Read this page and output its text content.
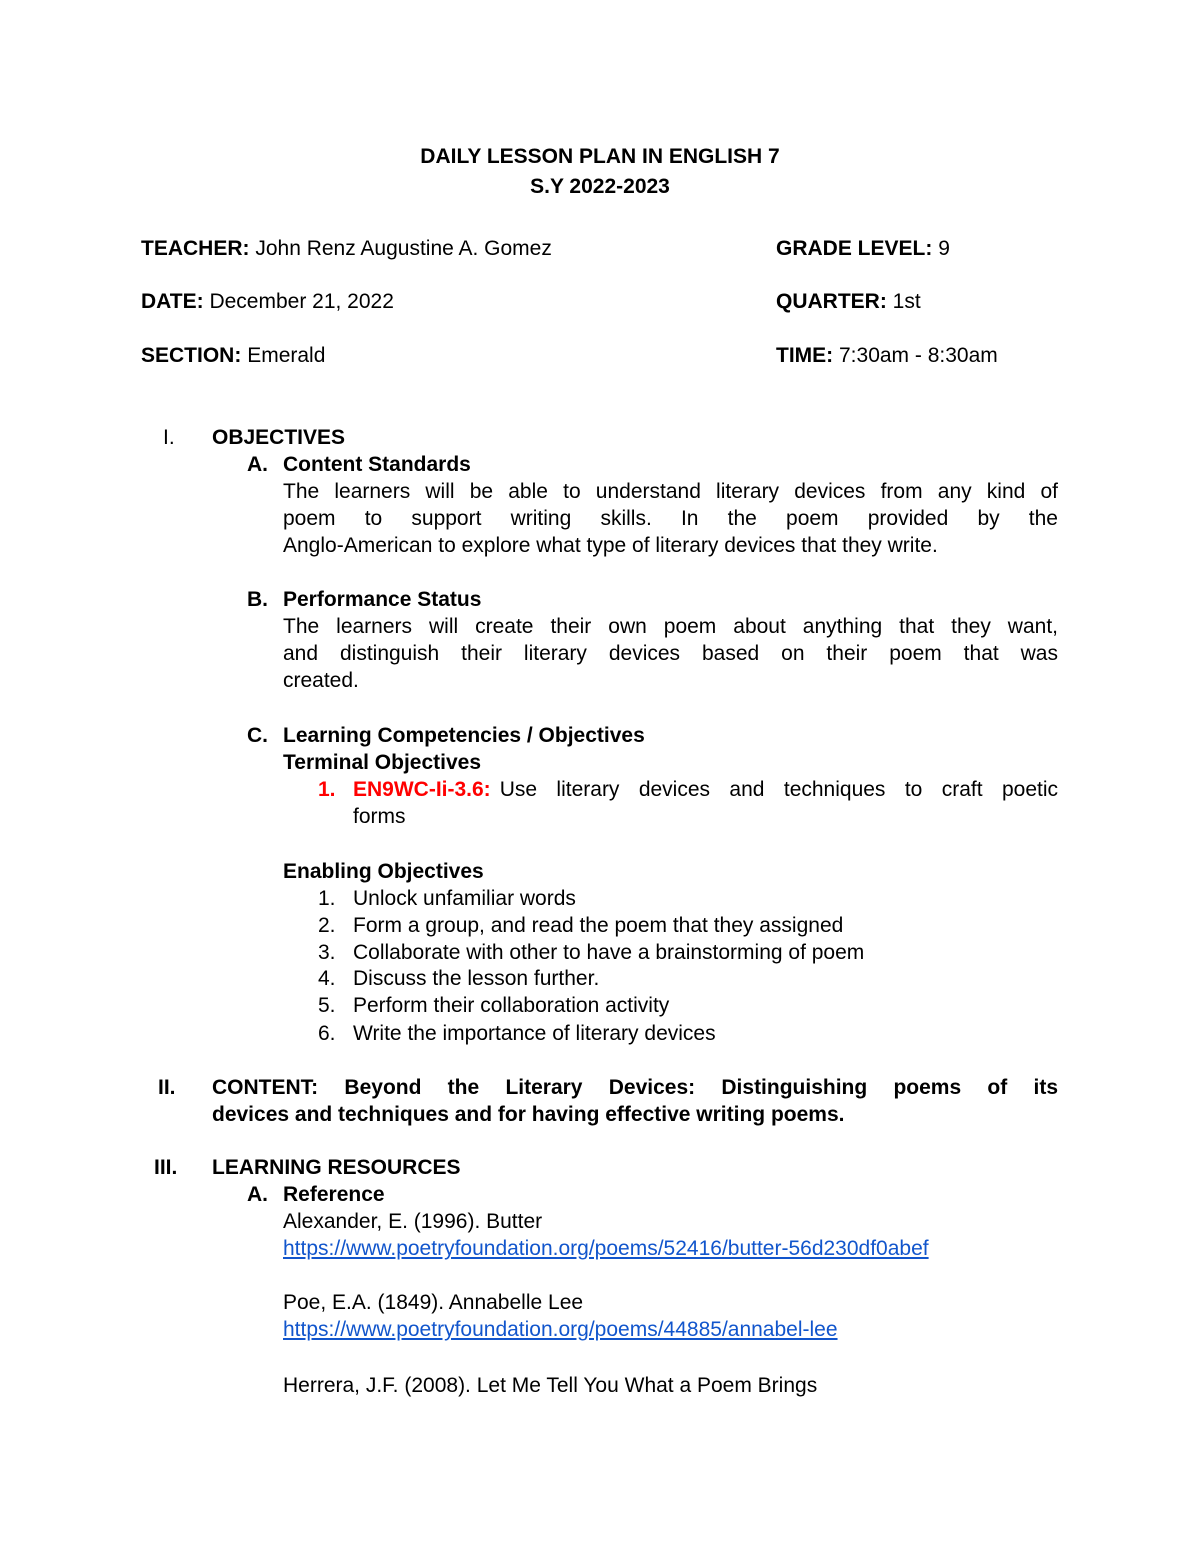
DAILY LESSON PLAN IN ENGLISH 7
S.Y 2022-2023
TEACHER: John Renz Augustine A. Gomez	GRADE LEVEL: 9
DATE: December 21, 2022	QUARTER: 1st
SECTION: Emerald	TIME: 7:30am - 8:30am
I. OBJECTIVES
A. Content Standards
The learners will be able to understand literary devices from any kind of
poem to support writing skills. In the poem provided by the
Anglo-American to explore what type of literary devices that they write.
B. Performance Status
The learners will create their own poem about anything that they want,
and distinguish their literary devices based on their poem that was
created.
C. Learning Competencies / Objectives
Terminal Objectives
1. EN9WC-Ii-3.6: Use literary devices and techniques to craft poetic
forms
Enabling Objectives
1. Unlock unfamiliar words
2. Form a group, and read the poem that they assigned
3. Collaborate with other to have a brainstorming of poem
4. Discuss the lesson further.
5. Perform their collaboration activity
6. Write the importance of literary devices
II. CONTENT: Beyond the Literary Devices: Distinguishing poems of its
devices and techniques and for having effective writing poems.
III. LEARNING RESOURCES
A. Reference
Alexander, E. (1996). Butter
https://www.poetryfoundation.org/poems/52416/butter-56d230df0abef
Poe, E.A. (1849). Annabelle Lee
https://www.poetryfoundation.org/poems/44885/annabel-lee
Herrera, J.F. (2008). Let Me Tell You What a Poem Brings
